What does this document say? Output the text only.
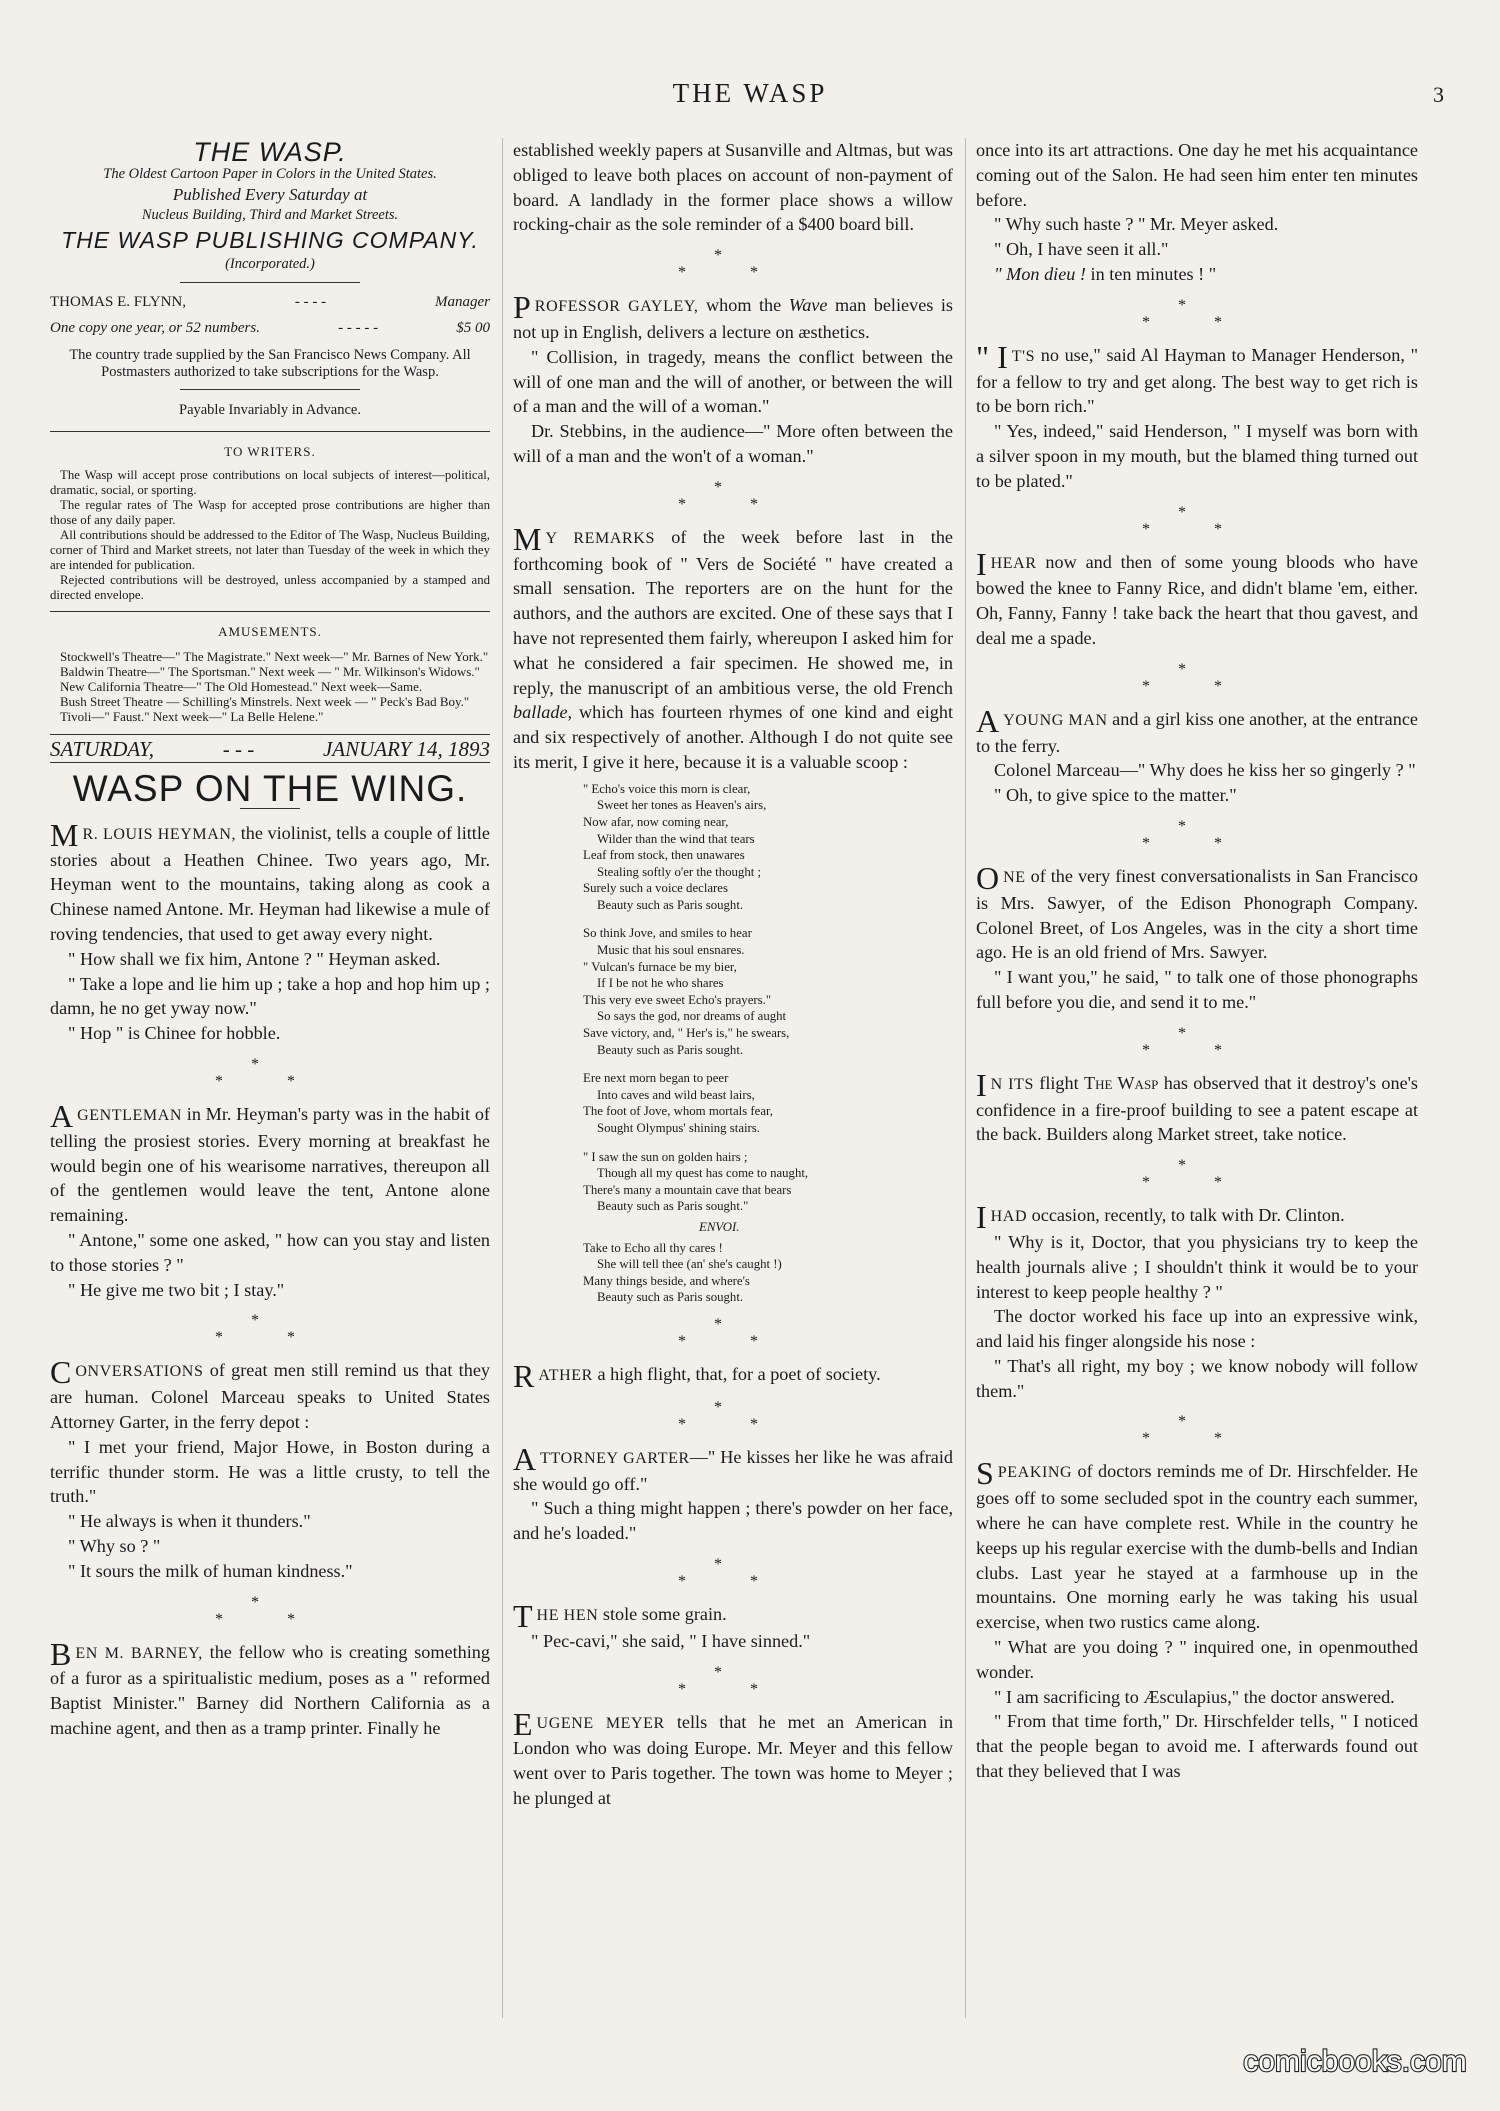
THE WASP	3
THE WASP.
The Oldest Cartoon Paper in Colors in the United States.
Published Every Saturday at
Nucleus Building, Third and Market Streets.
THE WASP PUBLISHING COMPANY.
(Incorporated.)
THOMAS E. FLYNN,	- - - -	Manager
One copy one year, or 52 numbers.	- - - - -	$5 00
The country trade supplied by the San Francisco News Company. All Postmasters authorized to take subscriptions for the Wasp.
Payable Invariably in Advance.
TO WRITERS.

The Wasp will accept prose contributions on local subjects of interest—political, dramatic, social, or sporting.

The regular rates of The Wasp for accepted prose contributions are higher than those of any daily paper.

All contributions should be addressed to the Editor of The Wasp, Nucleus Building, corner of Third and Market streets, not later than Tuesday of the week in which they are intended for publication.

Rejected contributions will be destroyed, unless accompanied by a stamped and directed envelope.

AMUSEMENTS.

Stockwell's Theatre—" The Magistrate." Next week—" Mr. Barnes of New York."

Baldwin Theatre—" The Sportsman." Next week — " Mr. Wilkinson's Widows."

New California Theatre—" The Old Homestead." Next week—Same.

Bush Street Theatre — Schilling's Minstrels. Next week — " Peck's Bad Boy."

Tivoli—" Faust." Next week—" La Belle Helene."

SATURDAY,	- - -	JANUARY 14, 1893
WASP ON THE WING.

M R. LOUIS HEYMAN, the violinist, tells a couple of little stories about a Heathen Chinee. Two years ago, Mr. Heyman went to the mountains, taking along as cook a Chinese named Antone. Mr. Heyman had likewise a mule of roving tendencies, that used to get away every night.

" How shall we fix him, Antone ? " Heyman asked.

" Take a lope and lie him up ; take a hop and hop him up ; damn, he no get yway now."

" Hop " is Chinee for hobble.

*
* *

A GENTLEMAN in Mr. Heyman's party was in the habit of telling the prosiest stories. Every morning at breakfast he would begin one of his wearisome narratives, thereupon all of the gentlemen would leave the tent, Antone alone remaining.

" Antone," some one asked, " how can you stay and listen to those stories ? "

" He give me two bit ; I stay."

*
* *

CONVERSATIONS of great men still remind us that they are human. Colonel Marceau speaks to United States Attorney Garter, in the ferry depot :

" I met your friend, Major Howe, in Boston during a terrific thunder storm. He was a little crusty, to tell the truth."

" He always is when it thunders."

" Why so ? "

" It sours the milk of human kindness."

*
* *

BEN M. BARNEY, the fellow who is creating something of a furor as a spiritualistic medium, poses as a " reformed Baptist Minister." Barney did Northern California as a machine agent, and then as a tramp printer. Finally he

established weekly papers at Susanville and Altmas, but was obliged to leave both places on account of non-payment of board. A landlady in the former place shows a willow rocking-chair as the sole reminder of a $400 board bill.

*
* *

PROFESSOR GAYLEY, whom the Wave man believes is not up in English, delivers a lecture on æsthetics.

" Collision, in tragedy, means the conflict between the will of one man and the will of another, or between the will of a man and the will of a woman."

Dr. Stebbins, in the audience—" More often between the will of a man and the won't of a woman."

*
* *

M Y REMARKS of the week before last in the forthcoming book of " Vers de Société " have created a small sensation. The reporters are on the hunt for the authors, and the authors are excited. One of these says that I have not represented them fairly, whereupon I asked him for what he considered a fair specimen. He showed me, in reply, the manuscript of an ambitious verse, the old French ballade, which has fourteen rhymes of one kind and eight and six respectively of another. Although I do not quite see its merit, I give it here, because it is a valuable scoop :

" Echo's voice this morn is clear,
Sweet her tones as Heaven's airs,
Now afar, now coming near,
Wilder than the wind that tears
Leaf from stock, then unawares
Stealing softly o'er the thought ;
Surely such a voice declares
Beauty such as Paris sought.
So think Jove, and smiles to hear
Music that his soul ensnares.
" Vulcan's furnace be my bier,
If I be not he who shares
This very eve sweet Echo's prayers."
So says the god, nor dreams of aught
Save victory, and, " Her's is," he swears,
Beauty such as Paris sought.
Ere next morn began to peer
Into caves and wild beast lairs,
The foot of Jove, whom mortals fear,
Sought Olympus' shining stairs.
" I saw the sun on golden hairs ;
Though all my quest has come to naught,
There's many a mountain cave that bears
Beauty such as Paris sought."
ENVOI.
Take to Echo all thy cares !
She will tell thee (an' she's caught !)
Many things beside, and where's
Beauty such as Paris sought.
*
* *

RATHER a high flight, that, for a poet of society.

*
* *

ATTORNEY GARTER—" He kisses her like he was afraid she would go off."

" Such a thing might happen ; there's powder on her face, and he's loaded."

*
* *

THE HEN stole some grain.

" Pec-cavi," she said, " I have sinned."

*
* *

EUGENE MEYER tells that he met an American in London who was doing Europe. Mr. Meyer and this fellow went over to Paris together. The town was home to Meyer ; he plunged at

once into its art attractions. One day he met his acquaintance coming out of the Salon. He had seen him enter ten minutes before.

" Why such haste ? " Mr. Meyer asked.

" Oh, I have seen it all."

" Mon dieu ! in ten minutes ! "

*
* *

" I T'S no use," said Al Hayman to Manager Henderson, " for a fellow to try and get along. The best way to get rich is to be born rich."

" Yes, indeed," said Henderson, " I myself was born with a silver spoon in my mouth, but the blamed thing turned out to be plated."

*
* *

I HEAR now and then of some young bloods who have bowed the knee to Fanny Rice, and didn't blame 'em, either. Oh, Fanny, Fanny ! take back the heart that thou gavest, and deal me a spade.

*
* *

A YOUNG MAN and a girl kiss one another, at the entrance to the ferry.

Colonel Marceau—" Why does he kiss her so gingerly ? "

" Oh, to give spice to the matter."

*
* *

ONE of the very finest conversationalists in San Francisco is Mrs. Sawyer, of the Edison Phonograph Company. Colonel Breet, of Los Angeles, was in the city a short time ago. He is an old friend of Mrs. Sawyer.

" I want you," he said, " to talk one of those phonographs full before you die, and send it to me."

*
* *

I N ITS flight The Wasp has observed that it destroy's one's confidence in a fire-proof building to see a patent escape at the back. Builders along Market street, take notice.

*
* *

I HAD occasion, recently, to talk with Dr. Clinton.

" Why is it, Doctor, that you physicians try to keep the health journals alive ; I shouldn't think it would be to your interest to keep people healthy ? "

The doctor worked his face up into an expressive wink, and laid his finger alongside his nose :

" That's all right, my boy ; we know nobody will follow them."

*
* *

SPEAKING of doctors reminds me of Dr. Hirschfelder. He goes off to some secluded spot in the country each summer, where he can have complete rest. While in the country he keeps up his regular exercise with the dumb-bells and Indian clubs. Last year he stayed at a farmhouse up in the mountains. One morning early he was taking his usual exercise, when two rustics came along.

" What are you doing ? " inquired one, in openmouthed wonder.

" I am sacrificing to Æsculapius," the doctor answered.

" From that time forth," Dr. Hirschfelder tells, " I noticed that the people began to avoid me. I afterwards found out that they believed that I was

comicbooks.com
